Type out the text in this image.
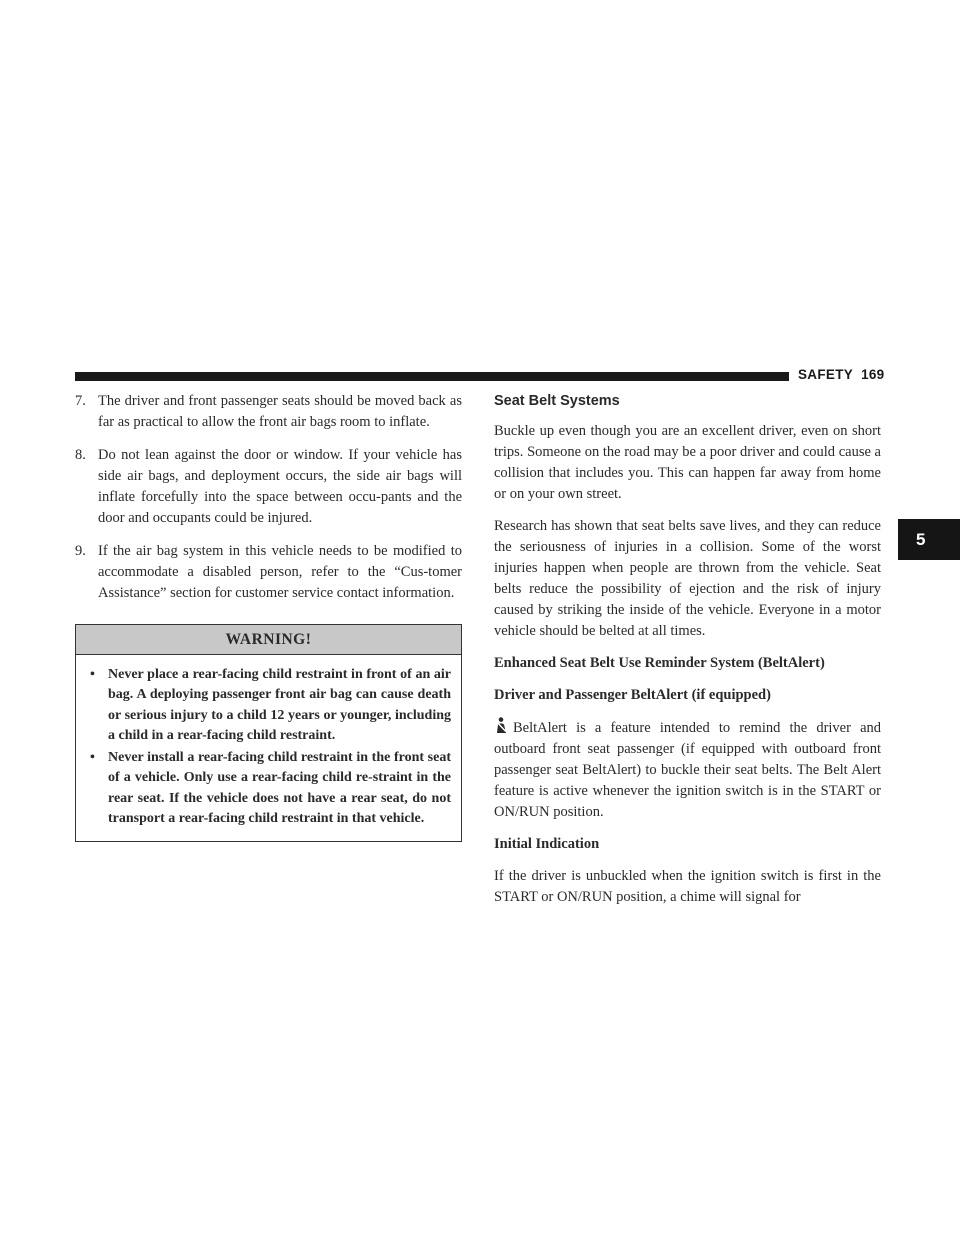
SAFETY 169
5

7. The driver and front passenger seats should be moved back as far as practical to allow the front air bags room to inflate.

8. Do not lean against the door or window. If your vehicle has side air bags, and deployment occurs, the side air bags will inflate forcefully into the space between occu-pants and the door and occupants could be injured.

9. If the air bag system in this vehicle needs to be modified to accommodate a disabled person, refer to the “Cus-tomer Assistance” section for customer service contact information.

WARNING!
• Never place a rear-facing child restraint in front of an air bag. A deploying passenger front air bag can cause death or serious injury to a child 12 years or younger, including a child in a rear-facing child restraint.
• Never install a rear-facing child restraint in the front seat of a vehicle. Only use a rear-facing child re-straint in the rear seat. If the vehicle does not have a rear seat, do not transport a rear-facing child restraint in that vehicle.
Seat Belt Systems

Buckle up even though you are an excellent driver, even on short trips. Someone on the road may be a poor driver and could cause a collision that includes you. This can happen far away from home or on your own street.

Research has shown that seat belts save lives, and they can reduce the seriousness of injuries in a collision. Some of the worst injuries happen when people are thrown from the vehicle. Seat belts reduce the possibility of ejection and the risk of injury caused by striking the inside of the vehicle. Everyone in a motor vehicle should be belted at all times.

Enhanced Seat Belt Use Reminder System (BeltAlert)

Driver and Passenger BeltAlert (if equipped)

BeltAlert is a feature intended to remind the driver and outboard front seat passenger (if equipped with outboard front passenger seat BeltAlert) to buckle their seat belts. The Belt Alert feature is active whenever the ignition switch is in the START or ON/RUN position.

Initial Indication

If the driver is unbuckled when the ignition switch is first in the START or ON/RUN position, a chime will signal for
